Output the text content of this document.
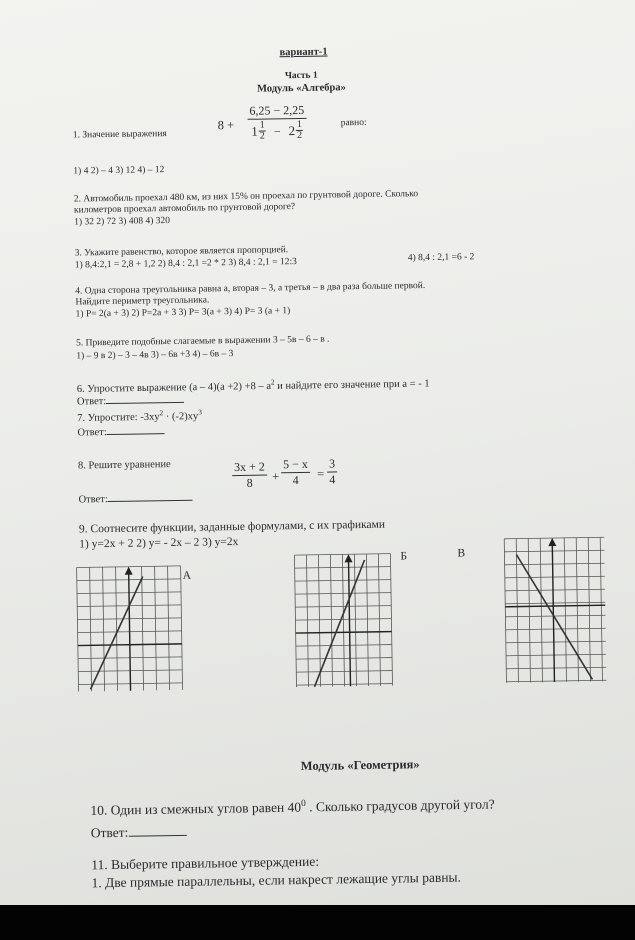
вариант-1
Часть 1
Модуль «Алгебра»
1. Значение выражения
$8 + \frac{6,25 - 2,25}{1 \frac{1}{2} - 2 \frac{1}{2}}$	равно:
1) 4 2) – 4 3) 12 4) – 12
2. Автомобиль проехал 480 км, из них 15% он проехал по грунтовой дороге. Сколько
километров проехал автомобиль по грунтовой дороге?
1) 32 2) 72 3) 408 4) 320
3. Укажите равенство, которое является пропорцией.
1) 8,4:2,1 = 2,8 + 1,2 2) 8,4 : 2,1 =2 * 2 3) 8,4 : 2,1 = 12:3	4) 8,4 : 2,1 =6 - 2
4. Одна сторона треугольника равна a, вторая – 3, а третья – в два раза больше первой.
Найдите периметр треугольника.
1) P= 2(a + 3) 2) P=2a + 3 3) P= 3(a + 3) 4) P= 3 (a + 1)
5. Приведите подобные слагаемые в выражении 3 – 5в – 6 – в .
1) – 9 в 2) – 3 – 4в 3) – 6в +3 4) – 6в – 3
6. Упростите выражение $(a - 4)(a +2) +8 - a^2$ и найдите его значение при a = - 1
Ответ:
7. Упростите: $-3xy^2 \cdot (-2)xy^3$
Ответ:
8. Решите уравнение	$\frac{3x + 2}{8} + \frac{5 - x}{4} = \frac{3}{4}$
Ответ:
9. Соотнесите функции, заданные формулами, с их графиками
1) y=2x + 2 2) y= - 2x – 2 3) y=2x
А
Б	В
Модуль «Геометрия»
10. Один из смежных углов равен $40^0$ . Сколько градусов другой угол?
Ответ:
11. Выберите правильное утверждение:
1. Две прямые параллельны, если накрест лежащие углы равны.
